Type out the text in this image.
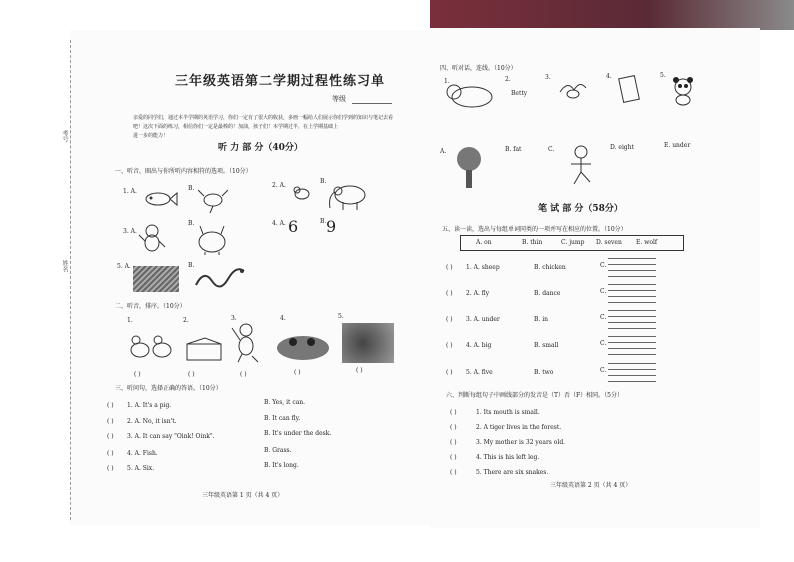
考号
姓名
三年级英语第二学期过程性练习单
等级
亲爱的同学们，通过本半学期的英语学习，你们一定有了很大的收获，多画一幅给人们展示你们学到的知识与笔记去看
吧！这次下面的练习，相信你们一定是最棒的！加油，孩子们！本学期过半，在上学期基础上
进一步的能力！
听 力 部 分（40分）
一、听音，圈出与你所听内容相符的选项。（10分）
1. A.	B.	2. A.
B.
3. A.
B.	4. A. 6	B. 9
5. A.	B.
二、听音，排序。（10分）
1.	2.	3.	4.	5.
( )	( )	( )	( )	( )
三、听问句，选择正确的答语。（10分）
( ) 1. A. It's a pig.	B. Yes, it can.
( ) 2. A. No, it isn't.	B. It can fly.
( ) 3. A. It can say "Oink! Oink".	B. It's under the desk.
( ) 4. A. Fish.	B. Grass.
( ) 5. A. Six.	B. It's long.
三年级英语第 1 页（共 4 页）
四、听对话，连线。（10分）
1.	2.	3.	4.	5.
Betty
A.	B. fat	C.	D. eight	E. under
笔 试 部 分（58分）
五、读一读，选出与每组单词同类的一项并写在相应的位置。（10分）
A. on	B. thin	C. jump D. seven E. wolf
( ) 1. A. sheep	B. chicken	C.
( ) 2. A. fly	B. dance	C.
( ) 3. A. under	B. in	C.
( ) 4. A. big	B. small	C.
( ) 5. A. five	B. two	C.
六、判断每组句子中画线部分的发音是（T）否（F）相同。（5分）
( )	1. Its mouth is small.
( )	2. A tiger lives in the forest.
( )	3. My mother is 32 years old.
( )	4. This is his left leg.
( )	5. There are six snakes.
三年级英语第 2 页（共 4 页）
